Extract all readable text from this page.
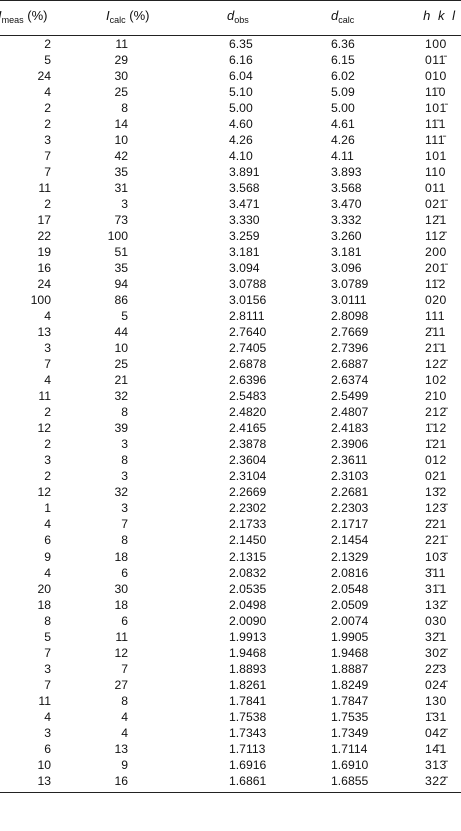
$_{meas}$ (%)	$I_{calc}$ (%)	$d_{obs}$	$d_{calc}$	h k l
2	11	6.35	6.36	100
5	29	6.16	6.15	011̄
24	30	6.04	6.02	010
4	25	5.10	5.09	11̄0
2	8	5.00	5.00	101̄
2	14	4.60	4.61	11̄1
3	10	4.26	4.26	111̄
7	42	4.10	4.11	101
7	35	3.891	3.893	110
11	31	3.568	3.568	011
2	3	3.471	3.470	021̄
17	73	3.330	3.332	12̄1
22	100	3.259	3.260	112̄
19	51	3.181	3.181	200
16	35	3.094	3.096	201̄
24	94	3.0788	3.0789	11̄2
100	86	3.0156	3.0111	020
4	5	2.8111	2.8098	111
13	44	2.7640	2.7669	2̄11
3	10	2.7405	2.7396	21̄1
7	25	2.6878	2.6887	122̄
4	21	2.6396	2.6374	102
11	32	2.5483	2.5499	210
2	8	2.4820	2.4807	212̄
12	39	2.4165	2.4183	1̄12
2	3	2.3878	2.3906	1̄21
3	8	2.3604	2.3611	012
2	3	2.3104	2.3103	021
12	32	2.2669	2.2681	13̄2
1	3	2.2302	2.2303	123̄
4	7	2.1733	2.1717	2̄21
6	8	2.1450	2.1454	221̄
9	18	2.1315	2.1329	103̄
4	6	2.0832	2.0816	3̄11
20	30	2.0535	2.0548	31̄1
18	18	2.0498	2.0509	132̄
8	6	2.0090	2.0074	030
5	11	1.9913	1.9905	32̄1
7	12	1.9468	1.9468	302̄
3	7	1.8893	1.8887	22̄3
7	27	1.8261	1.8249	024̄
11	8	1.7841	1.7847	130
4	4	1.7538	1.7535	1̄31
3	4	1.7343	1.7349	042̄
6	13	1.7113	1.7114	14̄1
10	9	1.6916	1.6910	313̄
13	16	1.6861	1.6855	322̄
